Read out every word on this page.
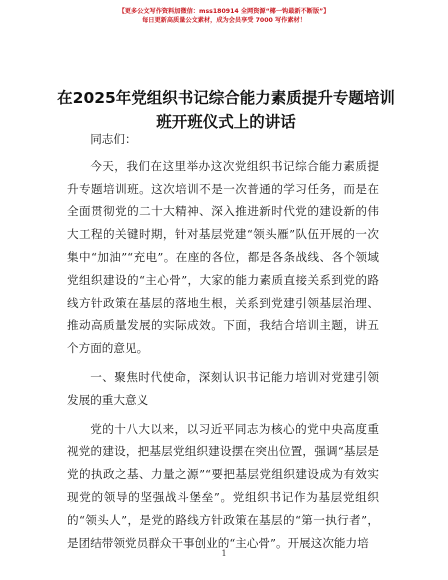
【更多公文写作资料加微信：mss180914 全网资源“椰一钩最新不断版”】
每日更新高质量公文素材，成为会员享受 7000 写作素材！
在2025年党组织书记综合能力素质提升专题培训班开班仪式上的讲话

同志们：

今天，我们在这里举办这次党组织书记综合能力素质提升专题培训班。这次培训不是一次普通的学习任务，而是在全面贯彻党的二十大精神、深入推进新时代党的建设新的伟大工程的关键时期，针对基层党建“领头雁”队伍开展的一次集中“加油”“充电”。在座的各位，都是各条战线、各个领域党组织建设的“主心骨”，大家的能力素质直接关系到党的路线方针政策在基层的落地生根，关系到党建引领基层治理、推动高质量发展的实际成效。下面，我结合培训主题，讲五个方面的意见。

一、聚焦时代使命，深刻认识书记能力培训对党建引领发展的重大意义

党的十八大以来，以习近平同志为核心的党中央高度重视党的建设，把基层党组织建设摆在突出位置，强调“基层是党的执政之基、力量之源”“要把基层党组织建设成为有效实现党的领导的坚强战斗堡垒”。党组织书记作为基层党组织的“领头人”，是党的路线方针政策在基层的“第一执行者”，是团结带领党员群众干事创业的“主心骨”。开展这次能力培

1
